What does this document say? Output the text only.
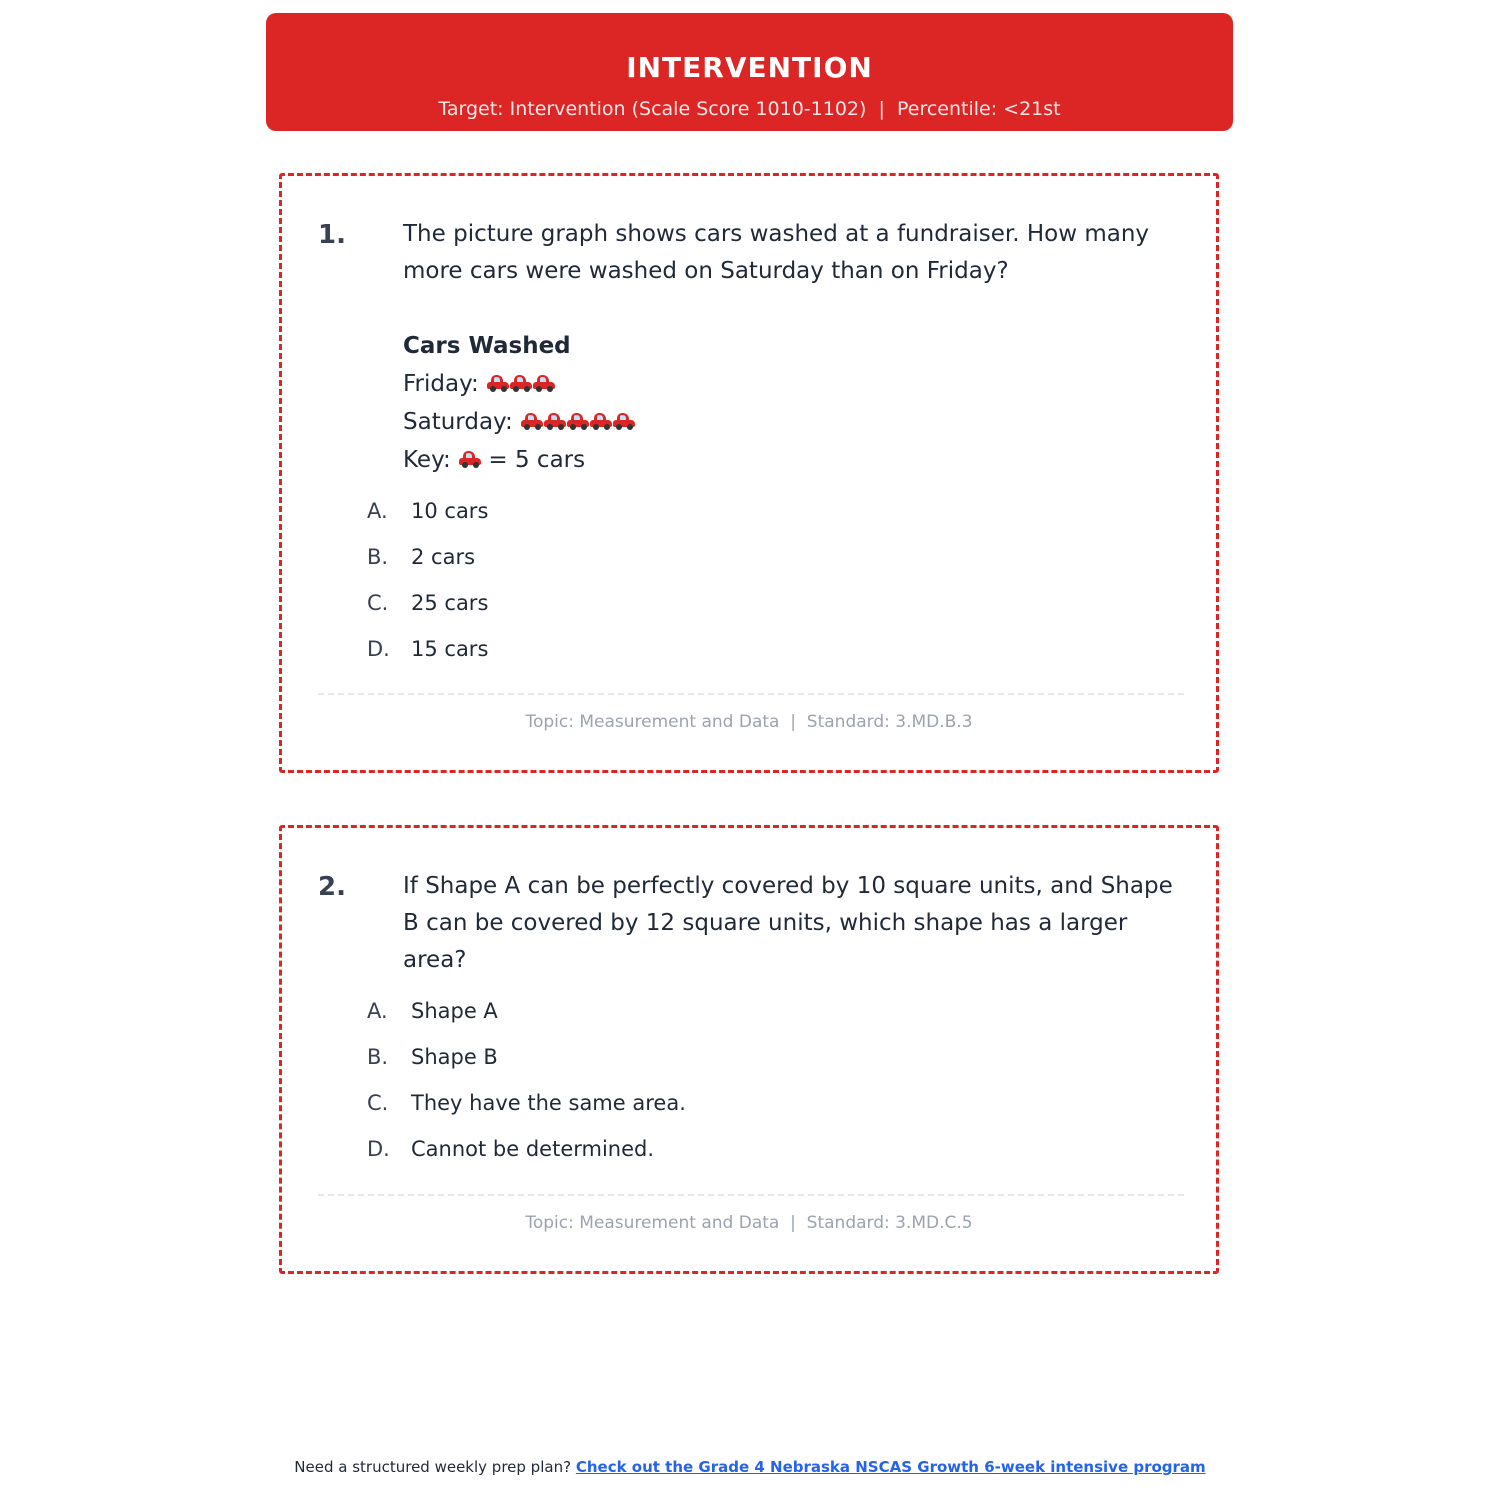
INTERVENTION
Target: Intervention (Scale Score 1010-1102)  |  Percentile: <21st
1. The picture graph shows cars washed at a fundraiser. How many more cars were washed on Saturday than on Friday?
Cars Washed
Friday:
Saturday:
Key: = 5 cars
A. 10 cars
B. 2 cars
C. 25 cars
D. 15 cars
Topic: Measurement and Data  |  Standard: 3.MD.B.3
2. If Shape A can be perfectly covered by 10 square units, and Shape B can be covered by 12 square units, which shape has a larger area?
A. Shape A
B. Shape B
C. They have the same area.
D. Cannot be determined.
Topic: Measurement and Data  |  Standard: 3.MD.C.5
Need a structured weekly prep plan? Check out the Grade 4 Nebraska NSCAS Growth 6-week intensive program
